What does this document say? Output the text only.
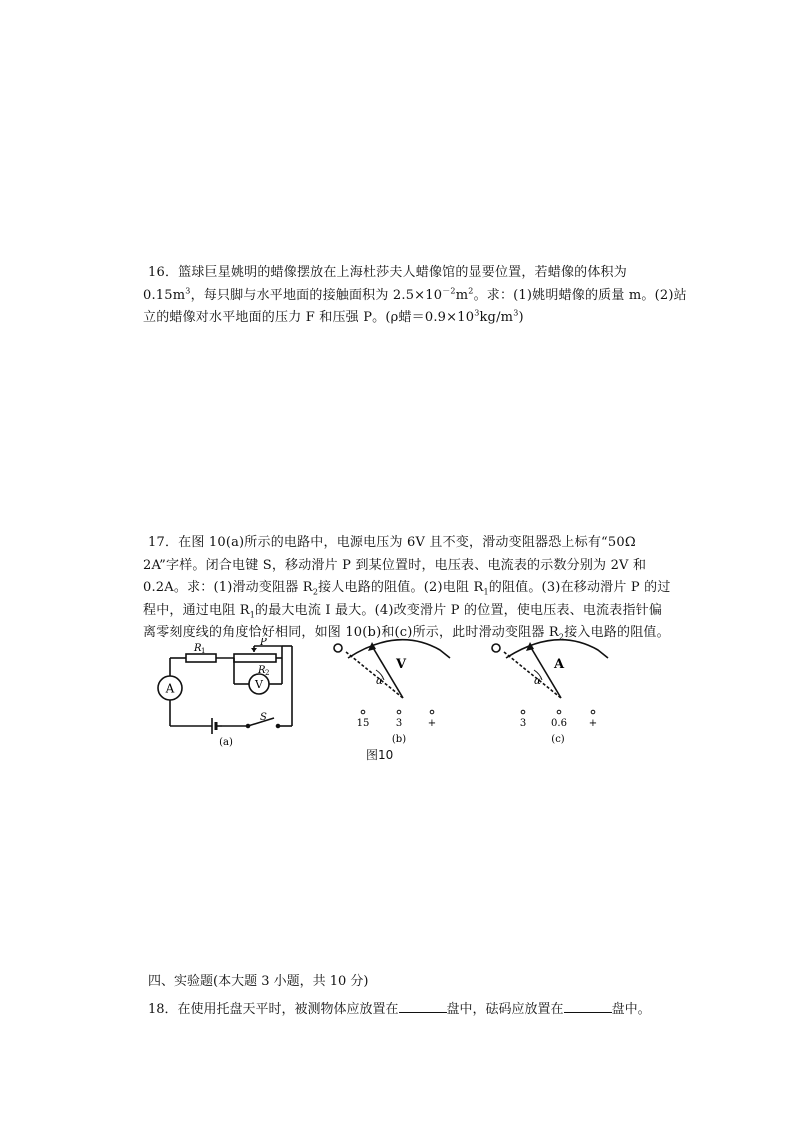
16．篮球巨星姚明的蜡像摆放在上海杜莎夫人蜡像馆的显要位置，若蜡像的体积为
$0.15m^3$，每只脚与水平地面的接触面积为 $2.5\times 10^{-2}m^2$。求：(1)姚明蜡像的质量 m。(2)站
立的蜡像对水平地面的压力 F 和压强 P。(ρ蜡$=0.9\times 10^3kg/m^3$)
17．在图 10(a)所示的电路中，电源电压为 6V 且不变，滑动变阻器恐上标有“50Ω
2A”字样。闭合电键 S，移动滑片 P 到某位置时，电压表、电流表的示数分别为 2V 和
0.2A。求：(1)滑动变阻器 $R_2$接人电路的阻值。(2)电阻 $R_1$的阻值。(3)在移动滑片 P 的过
程中，通过电阻 $R_1$的最大电流 I 最大。(4)改变滑片 P 的位置，使电压表、电流表指针偏
离零刻度线的角度恰好相同，如图 10(b)和(c)所示，此时滑动变阻器 $R_2$接入电路的阻值。
A	V
R 1
R 2
P
S
(a)
V
α
15	3	+
(b)
A
α
3 0.6 +
(c)
图10
四、实验题(本大题 3 小题，共 10 分)
18．在使用托盘天平时，被测物体应放置在	盘中，砝码应放置在	盘中。
